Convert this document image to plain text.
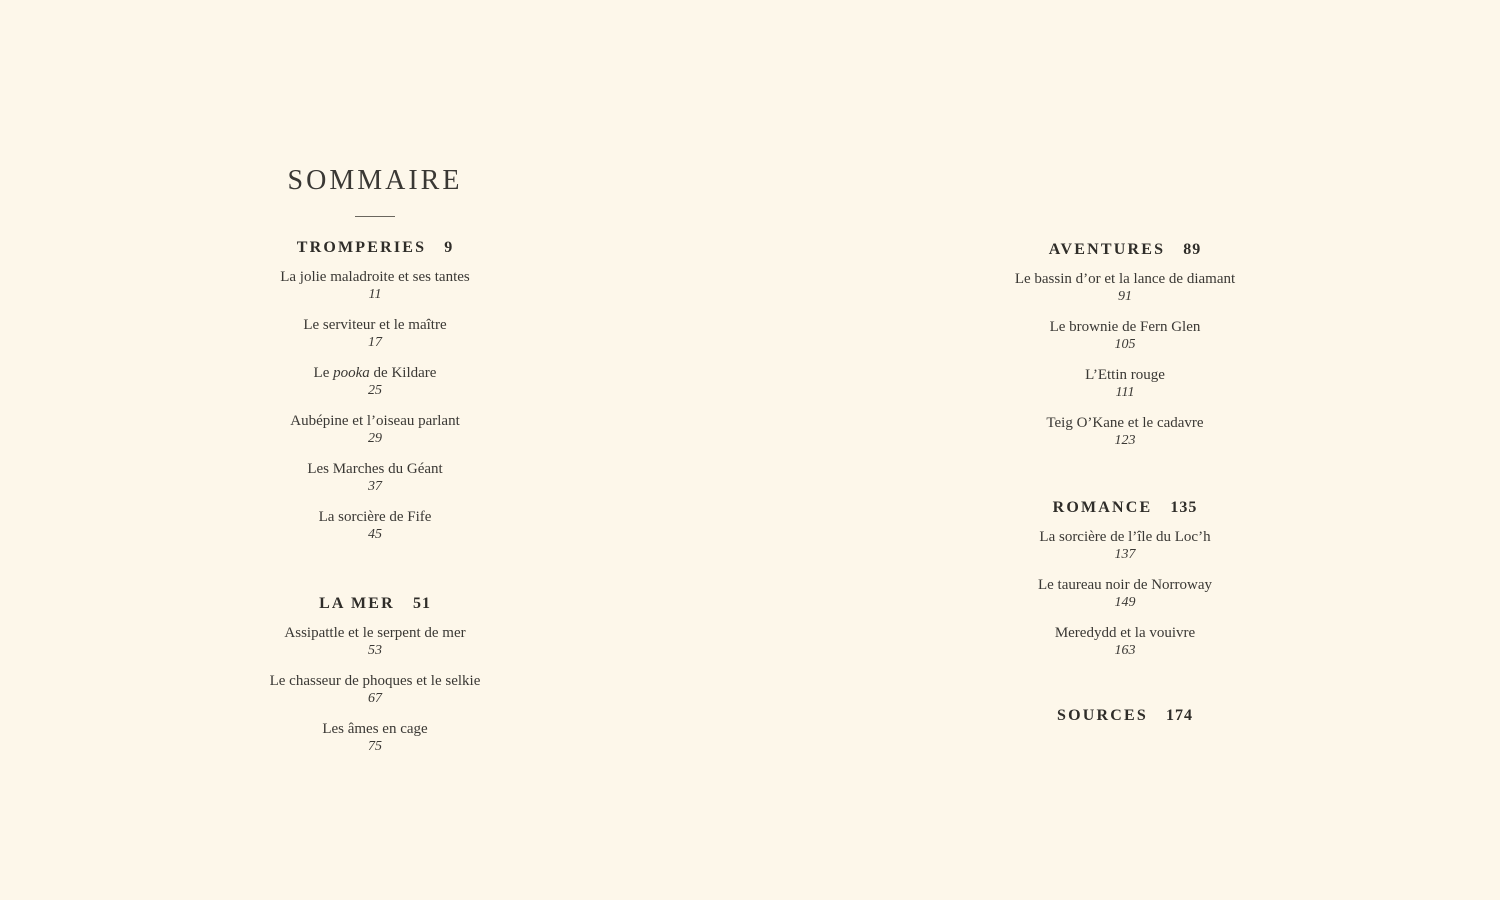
SOMMAIRE
TROMPERIES 9
La jolie maladroite et ses tantes
11
Le serviteur et le maître
17
Le pooka de Kildare
25
Aubépine et l’oiseau parlant
29
Les Marches du Géant
37
La sorcière de Fife
45
LA MER 51
Assipattle et le serpent de mer
53
Le chasseur de phoques et le selkie
67
Les âmes en cage
75
AVENTURES 89
Le bassin d’or et la lance de diamant
91
Le brownie de Fern Glen
105
L’Ettin rouge
111
Teig O’Kane et le cadavre
123
ROMANCE 135
La sorcière de l’île du Loc’h
137
Le taureau noir de Norroway
149
Meredydd et la vouivre
163
SOURCES 174
